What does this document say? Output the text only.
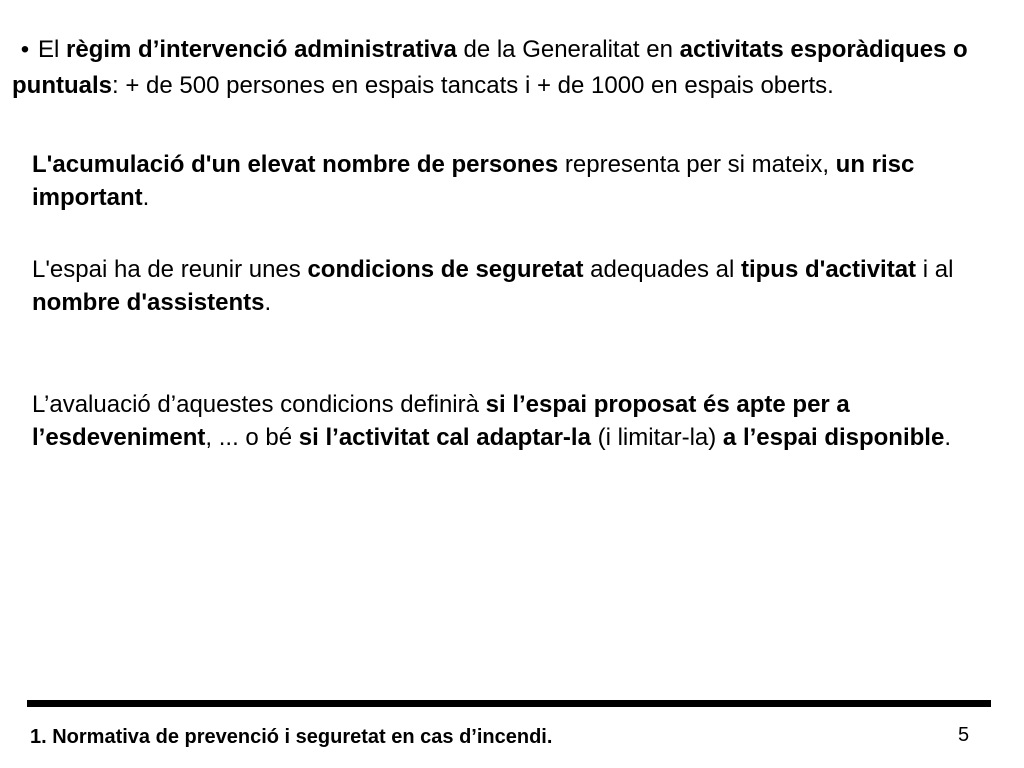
• El règim d’intervenció administrativa de la Generalitat en activitats esporàdiques o puntuals: + de 500 persones en espais tancats i + de 1000 en espais oberts.
L'acumulació d'un elevat nombre de persones representa per si mateix, un risc important.
L'espai ha de reunir unes condicions de seguretat adequades al tipus d'activitat i al nombre d'assistents.
L’avaluació d’aquestes condicions definirà si l’espai proposat és apte per a l’esdeveniment, ... o bé si l’activitat cal adaptar-la (i limitar-la) a l’espai disponible.
1. Normativa de prevenció i seguretat en cas d’incendi.	5
